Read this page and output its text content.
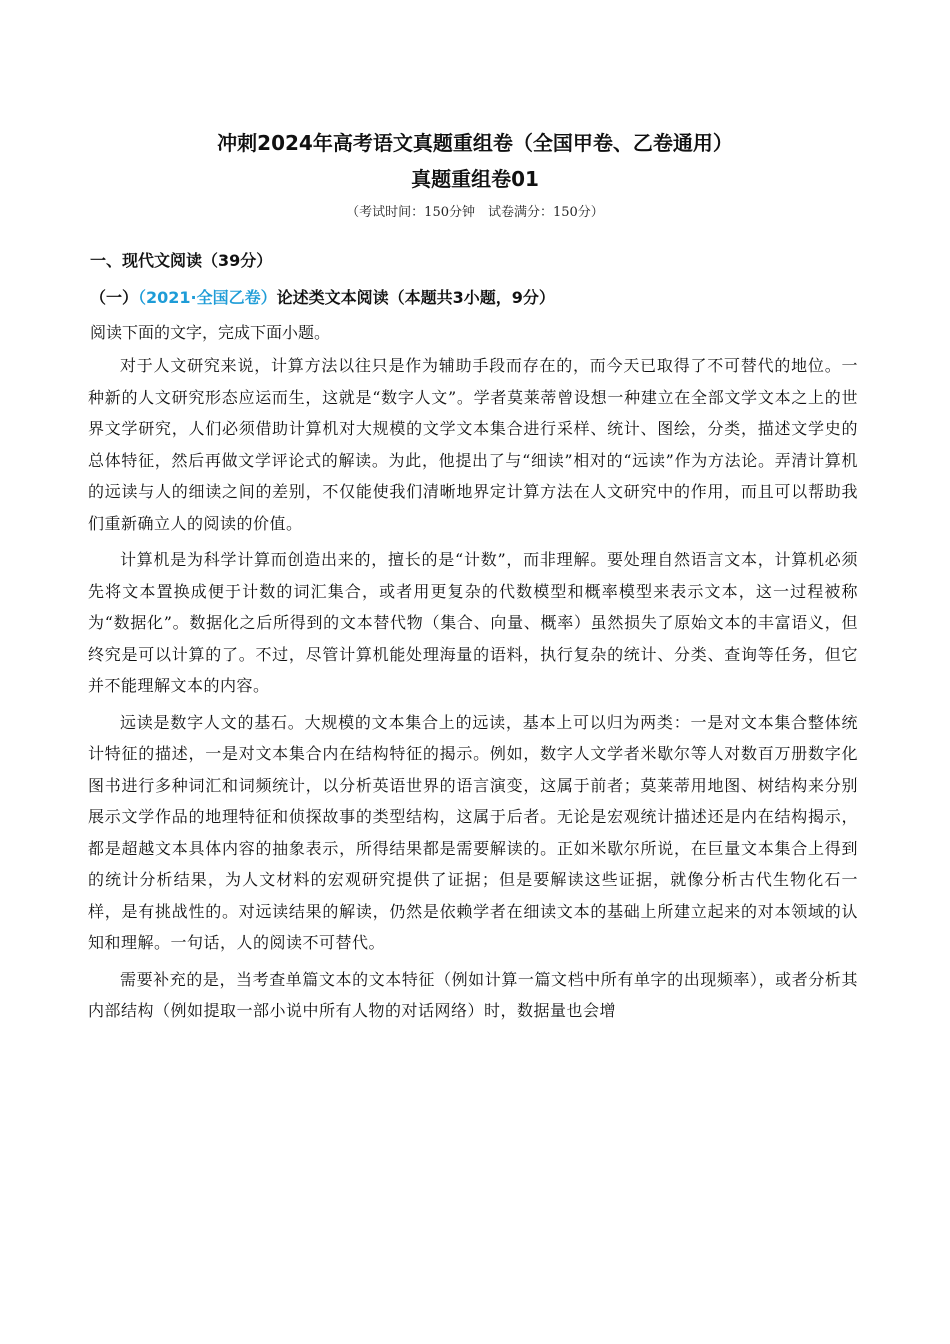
冲刺2024年高考语文真题重组卷（全国甲卷、乙卷通用）
真题重组卷01
（考试时间：150分钟　试卷满分：150分）
一、现代文阅读（39分）
（一）（2021·全国乙卷）论述类文本阅读（本题共3小题，9分）
阅读下面的文字，完成下面小题。

对于人文研究来说，计算方法以往只是作为辅助手段而存在的，而今天已取得了不可替代的地位。一种新的人文研究形态应运而生，这就是“数字人文”。学者莫莱蒂曾设想一种建立在全部文学文本之上的世界文学研究，人们必须借助计算机对大规模的文学文本集合进行采样、统计、图绘，分类，描述文学史的总体特征，然后再做文学评论式的解读。为此，他提出了与“细读”相对的“远读”作为方法论。弄清计算机的远读与人的细读之间的差别，不仅能使我们清晰地界定计算方法在人文研究中的作用，而且可以帮助我们重新确立人的阅读的价值。

计算机是为科学计算而创造出来的，擅长的是“计数”，而非理解。要处理自然语言文本，计算机必须先将文本置换成便于计数的词汇集合，或者用更复杂的代数模型和概率模型来表示文本，这一过程被称为“数据化”。数据化之后所得到的文本替代物（集合、向量、概率）虽然损失了原始文本的丰富语义，但终究是可以计算的了。不过，尽管计算机能处理海量的语料，执行复杂的统计、分类、查询等任务，但它并不能理解文本的内容。

远读是数字人文的基石。大规模的文本集合上的远读，基本上可以归为两类：一是对文本集合整体统计特征的描述，一是对文本集合内在结构特征的揭示。例如，数字人文学者米歇尔等人对数百万册数字化图书进行多种词汇和词频统计，以分析英语世界的语言演变，这属于前者；莫莱蒂用地图、树结构来分别展示文学作品的地理特征和侦探故事的类型结构，这属于后者。无论是宏观统计描述还是内在结构揭示，都是超越文本具体内容的抽象表示，所得结果都是需要解读的。正如米歇尔所说，在巨量文本集合上得到的统计分析结果，为人文材料的宏观研究提供了证据；但是要解读这些证据，就像分析古代生物化石一样，是有挑战性的。对远读结果的解读，仍然是依赖学者在细读文本的基础上所建立起来的对本领域的认知和理解。一句话，人的阅读不可替代。

需要补充的是，当考查单篇文本的文本特征（例如计算一篇文档中所有单字的出现频率），或者分析其内部结构（例如提取一部小说中所有人物的对话网络）时，数据量也会增
